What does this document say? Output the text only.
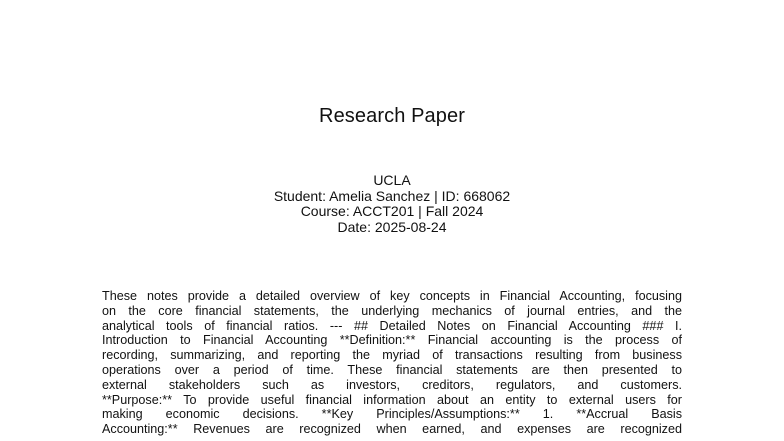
Research Paper
UCLA
Student: Amelia Sanchez | ID: 668062
Course: ACCT201 | Fall 2024
Date: 2025-08-24
These notes provide a detailed overview of key concepts in Financial Accounting, focusing
on the core financial statements, the underlying mechanics of journal entries, and the
analytical tools of financial ratios. --- ## Detailed Notes on Financial Accounting ### I.
Introduction to Financial Accounting **Definition:** Financial accounting is the process of
recording, summarizing, and reporting the myriad of transactions resulting from business
operations over a period of time. These financial statements are then presented to
external stakeholders such as investors, creditors, regulators, and customers.
**Purpose:** To provide useful financial information about an entity to external users for
making economic decisions. **Key Principles/Assumptions:** 1. **Accrual Basis
Accounting:** Revenues are recognized when earned, and expenses are recognized
